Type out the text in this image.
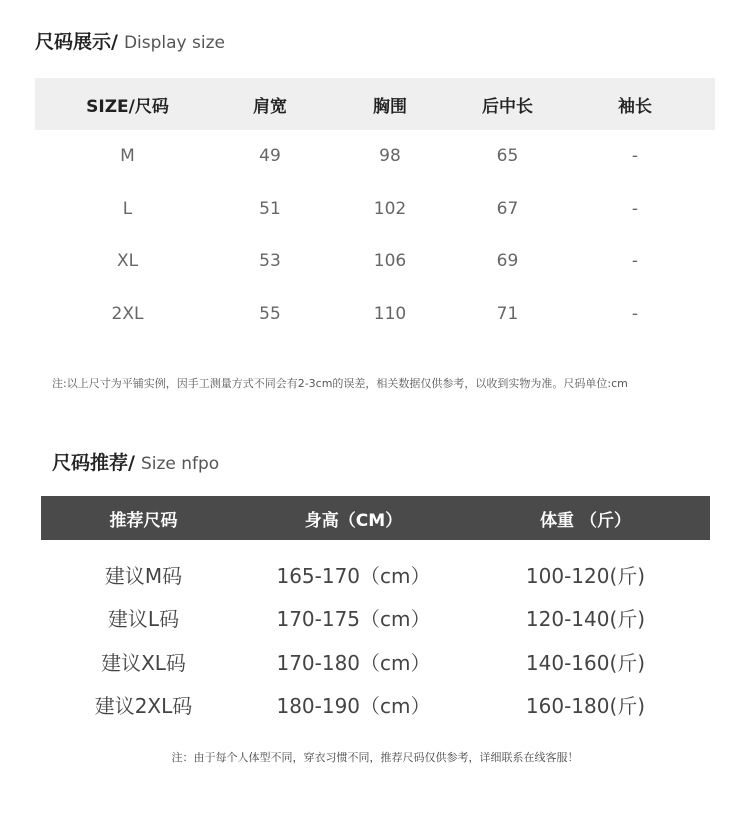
尺码展示/ Display size
SIZE/尺码	肩宽	胸围	后中长	袖长
M	49	98	65	-
L	51	102	67	-
XL	53	106	69	-
2XL	55	110	71	-
注:以上尺寸为平铺实例，因手工测量方式不同会有2-3cm的误差，相关数据仅供参考，以收到实物为准。尺码单位:cm
尺码推荐/ Size nfpo
推荐尺码	身高（CM）	体重 （斤）
建议M码	165-170（cm）	100-120(斤)
建议L码	170-175（cm）	120-140(斤)
建议XL码	170-180（cm）	140-160(斤)
建议2XL码	180-190（cm）	160-180(斤)
注：由于每个人体型不同，穿衣习惯不同，推荐尺码仅供参考，详细联系在线客服！
